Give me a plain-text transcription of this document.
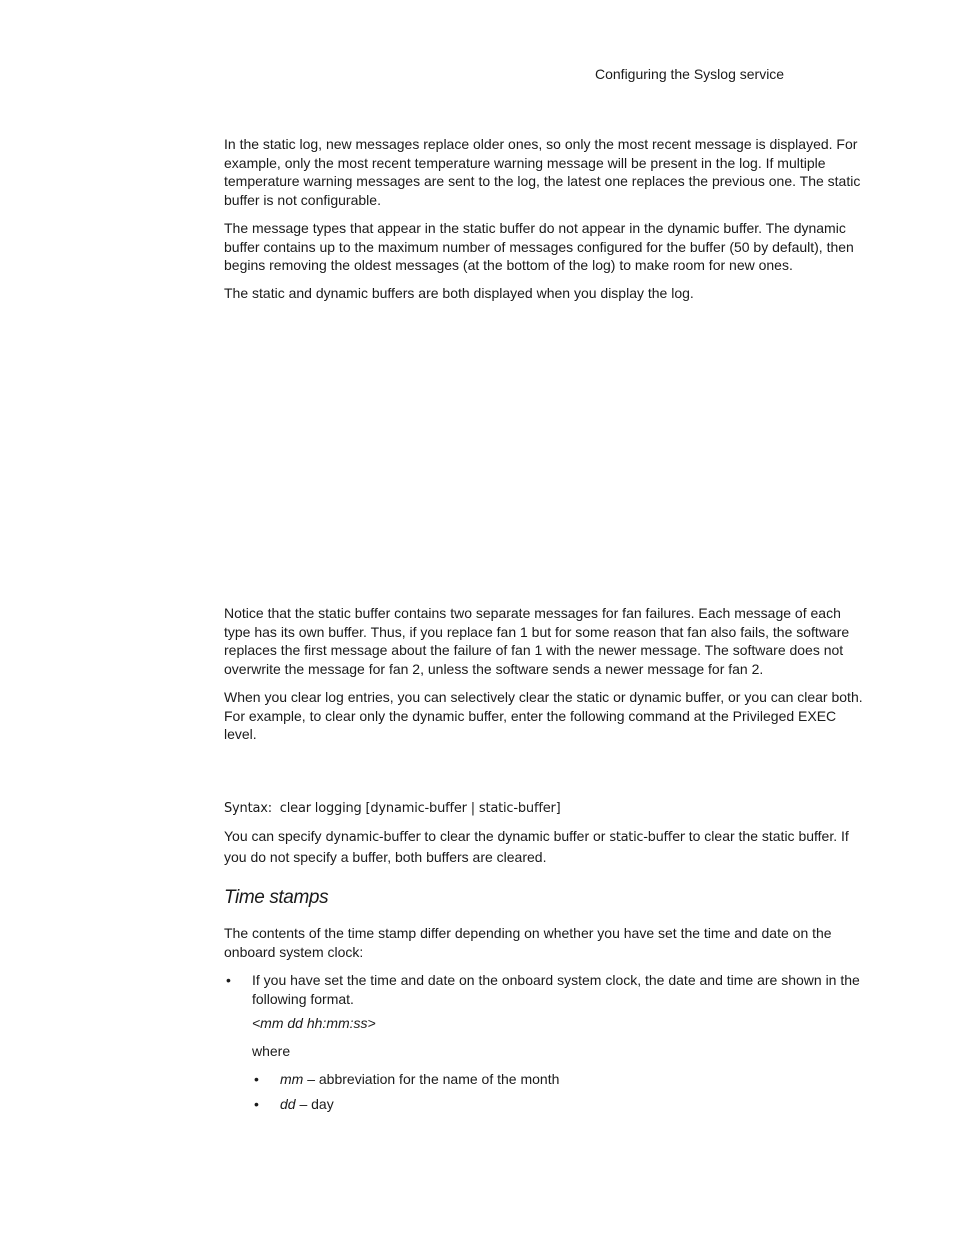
Configuring the Syslog service

In the static log, new messages replace older ones, so only the most recent message is displayed. For example, only the most recent temperature warning message will be present in the log. If multiple temperature warning messages are sent to the log, the latest one replaces the previous one. The static buffer is not configurable.

The message types that appear in the static buffer do not appear in the dynamic buffer. The dynamic buffer contains up to the maximum number of messages configured for the buffer (50 by default), then begins removing the oldest messages (at the bottom of the log) to make room for new ones.

The static and dynamic buffers are both displayed when you display the log.

Notice that the static buffer contains two separate messages for fan failures. Each message of each type has its own buffer. Thus, if you replace fan 1 but for some reason that fan also fails, the software replaces the first message about the failure of fan 1 with the newer message. The software does not overwrite the message for fan 2, unless the software sends a newer message for fan 2.

When you clear log entries, you can selectively clear the static or dynamic buffer, or you can clear both. For example, to clear only the dynamic buffer, enter the following command at the Privileged EXEC level.

Syntax: clear logging [dynamic-buffer | static-buffer]
You can specify dynamic-buffer to clear the dynamic buffer or static-buffer to clear the static buffer. If you do not specify a buffer, both buffers are cleared.
Time stamps
The contents of the time stamp differ depending on whether you have set the time and date on the onboard system clock:
• If you have set the time and date on the onboard system clock, the date and time are shown in the following format.
<mm dd hh:mm:ss>
where
• mm – abbreviation for the name of the month
• dd – day
